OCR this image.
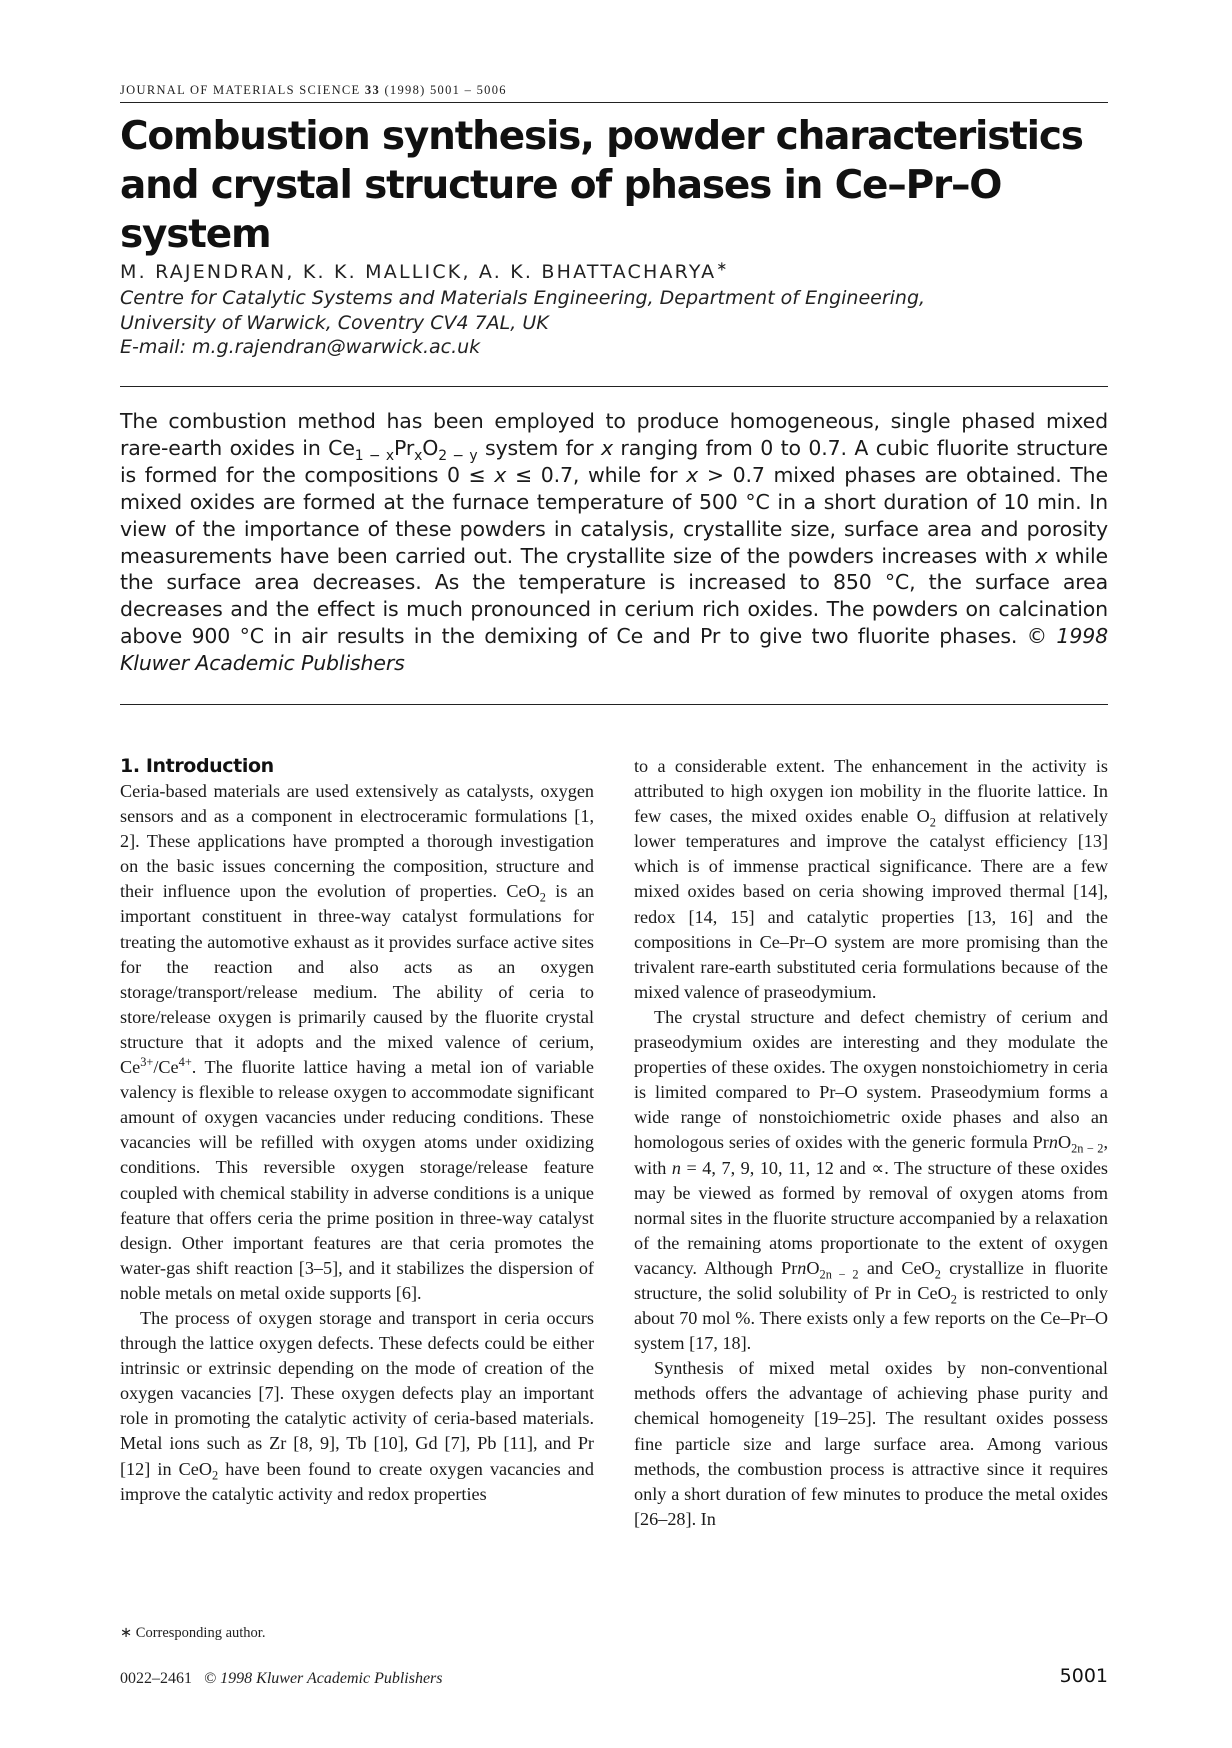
JOURNAL OF MATERIALS SCIENCE 33 (1998) 5001 – 5006
Combustion synthesis, powder characteristics
and crystal structure of phases in Ce–Pr–O system
M. RAJENDRAN, K. K. MALLICK, A. K. BHATTACHARYA∗
Centre for Catalytic Systems and Materials Engineering, Department of Engineering,
University of Warwick, Coventry CV4 7AL, UK
E-mail: m.g.rajendran@warwick.ac.uk

The combustion method has been employed to produce homogeneous, single phased mixed rare-earth oxides in $Ce_{1 - x}Pr_xO_{2 - y}$ system for x ranging from 0 to 0.7. A cubic fluorite structure is formed for the compositions 0 ≤ x ≤ 0.7, while for x > 0.7 mixed phases are obtained. The mixed oxides are formed at the furnace temperature of 500 °C in a short duration of 10 min. In view of the importance of these powders in catalysis, crystallite size, surface area and porosity measurements have been carried out. The crystallite size of the powders increases with x while the surface area decreases. As the temperature is increased to 850 °C, the surface area decreases and the effect is much pronounced in cerium rich oxides. The powders on calcination above 900 °C in air results in the demixing of Ce and Pr to give two fluorite phases. © 1998 Kluwer Academic Publishers

1. Introduction

Ceria-based materials are used extensively as catalysts, oxygen sensors and as a component in electroceramic formulations [1, 2]. These applications have prompted a thorough investigation on the basic issues concerning the composition, structure and their influence upon the evolution of properties. CeO$_2$ is an important constituent in three-way catalyst formulations for treating the automotive exhaust as it provides surface active sites for the reaction and also acts as an oxygen storage/transport/release medium. The ability of ceria to store/release oxygen is primarily caused by the fluorite crystal structure that it adopts and the mixed valence of cerium, $Ce^{3+}/Ce^{4+}$. The fluorite lattice having a metal ion of variable valency is flexible to release oxygen to accommodate significant amount of oxygen vacancies under reducing conditions. These vacancies will be refilled with oxygen atoms under oxidizing conditions. This reversible oxygen storage/release feature coupled with chemical stability in adverse conditions is a unique feature that offers ceria the prime position in three-way catalyst design. Other important features are that ceria promotes the water-gas shift reaction [3–5], and it stabilizes the dispersion of noble metals on metal oxide supports [6].

The process of oxygen storage and transport in ceria occurs through the lattice oxygen defects. These defects could be either intrinsic or extrinsic depending on the mode of creation of the oxygen vacancies [7]. These oxygen defects play an important role in promoting the catalytic activity of ceria-based materials. Metal ions such as Zr [8, 9], Tb [10], Gd [7], Pb [11], and Pr [12] in CeO$_2$ have been found to create oxygen vacancies and improve the catalytic activity and redox properties

to a considerable extent. The enhancement in the activity is attributed to high oxygen ion mobility in the fluorite lattice. In few cases, the mixed oxides enable $O_2$ diffusion at relatively lower temperatures and improve the catalyst efficiency [13] which is of immense practical significance. There are a few mixed oxides based on ceria showing improved thermal [14], redox [14, 15] and catalytic properties [13, 16] and the compositions in Ce–Pr–O system are more promising than the trivalent rare-earth substituted ceria formulations because of the mixed valence of praseodymium.

The crystal structure and defect chemistry of cerium and praseodymium oxides are interesting and they modulate the properties of these oxides. The oxygen nonstoichiometry in ceria is limited compared to Pr–O system. Praseodymium forms a wide range of nonstoichiometric oxide phases and also an homologous series of oxides with the generic formula PrnO$_{2n - 2}$, with n = 4, 7, 9, 10, 11, 12 and ∝. The structure of these oxides may be viewed as formed by removal of oxygen atoms from normal sites in the fluorite structure accompanied by a relaxation of the remaining atoms proportionate to the extent of oxygen vacancy. Although PrnO$_{2n - 2}$ and CeO$_2$ crystallize in fluorite structure, the solid solubility of Pr in CeO$_2$ is restricted to only about 70 mol %. There exists only a few reports on the Ce–Pr–O system [17, 18].

Synthesis of mixed metal oxides by non-conventional methods offers the advantage of achieving phase purity and chemical homogeneity [19–25]. The resultant oxides possess fine particle size and large surface area. Among various methods, the combustion process is attractive since it requires only a short duration of few minutes to produce the metal oxides [26–28]. In

∗ Corresponding author.
0022–2461 © 1998 Kluwer Academic Publishers	5001
